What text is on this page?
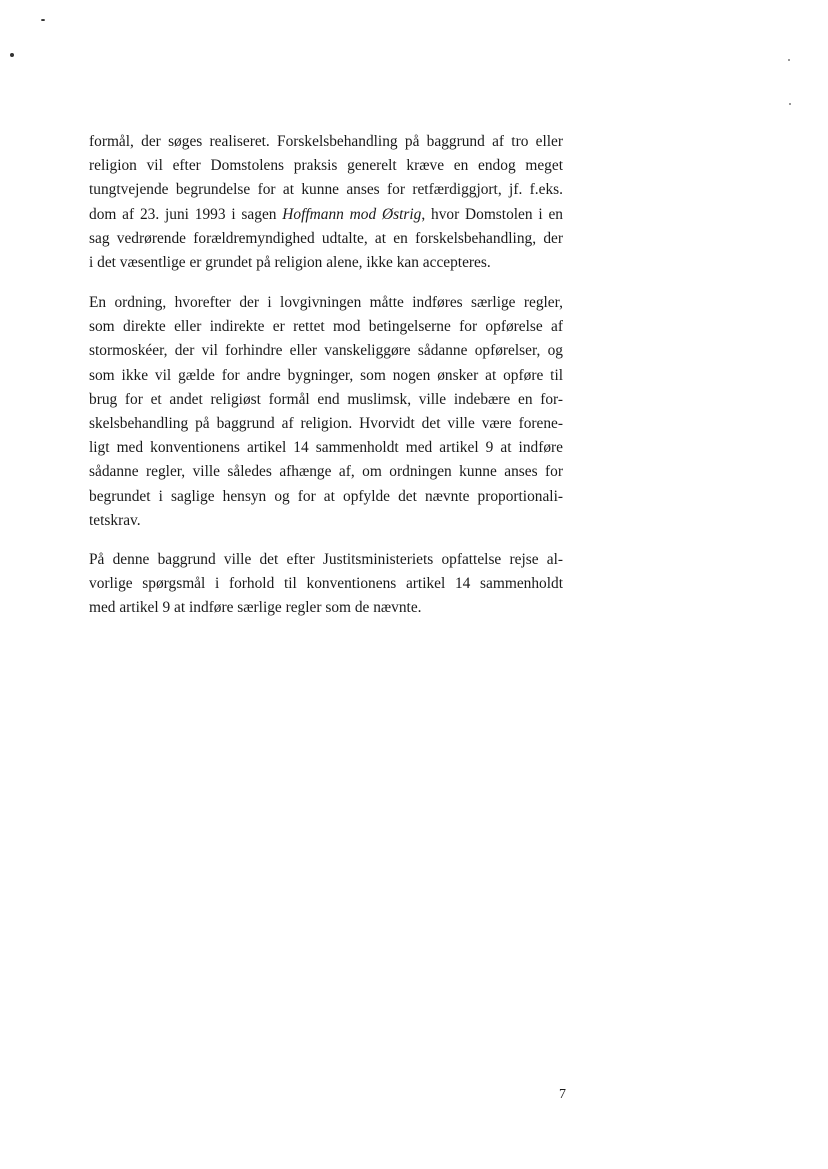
formål, der søges realiseret. Forskelsbehandling på baggrund af tro eller
religion vil efter Domstolens praksis generelt kræve en endog meget
tungtvejende begrundelse for at kunne anses for retfærdiggjort, jf. f.eks.
dom af 23. juni 1993 i sagen Hoffmann mod Østrig, hvor Domstolen i en
sag vedrørende forældremyndighed udtalte, at en forskelsbehandling, der
i det væsentlige er grundet på religion alene, ikke kan accepteres.
En ordning, hvorefter der i lovgivningen måtte indføres særlige regler,
som direkte eller indirekte er rettet mod betingelserne for opførelse af
stormoskéer, der vil forhindre eller vanskeliggøre sådanne opførelser, og
som ikke vil gælde for andre bygninger, som nogen ønsker at opføre til
brug for et andet religiøst formål end muslimsk, ville indebære en for-
skelsbehandling på baggrund af religion. Hvorvidt det ville være forene-
ligt med konventionens artikel 14 sammenholdt med artikel 9 at indføre
sådanne regler, ville således afhænge af, om ordningen kunne anses for
begrundet i saglige hensyn og for at opfylde det nævnte proportionali-
tetskrav.
På denne baggrund ville det efter Justitsministeriets opfattelse rejse al-
vorlige spørgsmål i forhold til konventionens artikel 14 sammenholdt
med artikel 9 at indføre særlige regler som de nævnte.
7
